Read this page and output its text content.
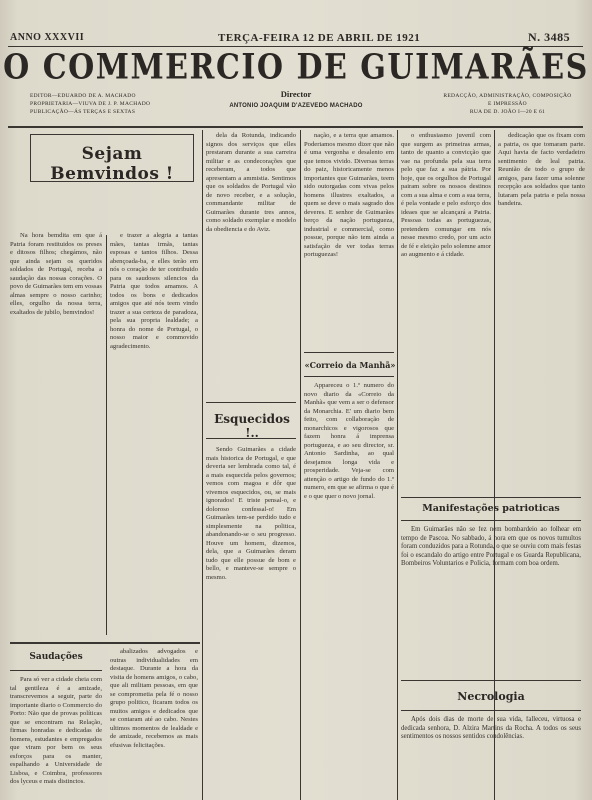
ANNO XXXVII	TERÇA-FEIRA 12 DE ABRIL DE 1921	N. 3485
O COMMERCIO DE GUIMARÃES
EDITOR—EDUARDO DE A. MACHADO
PROPRIETARIA—VIUVA DE J. P. MACHADO
PUBLICAÇÃO—ÁS TERÇAS E SEXTAS
Director
ANTONIO JOAQUIM D'AZEVEDO MACHADO
REDACÇÃO, ADMINISTRAÇÃO, COMPOSIÇÃO
E IMPRESSÃO
RUA DE D. JOÃO I—20 E 61
Sejam Bemvindos !

Na hora bemdita em que á Patria foram restituidos os preses e ditosos filhos; chegámos, não que ainda sejam os queridos soldados de Portugal, receba a saudação das nossas corações. O povo de Guimarães tem em vossas almas sempre o nosso carinho; elles, orgulho da nossa terra, exaltados de jubilo, bemvindos!

e trazer a alegria a tantas mães, tantas irmãs, tantas esposas e tantos filhos. Dessa abençoada-ba, e elles terão em nós o coração de ter contribuido para os saudosos silencios da Patria que todos amamos. A todos os bons e dedicados amigos que até nós teem vindo trazer a sua certeza de paradoza, pela sua propria lealdade; a honra do nome de Portugal, o nosso maior e commovido agradecimento.

dela da Rotunda, indicando signos dos serviços que elles prestaram durante a sua carreira militar e as condecorações que receberam, a todos que apresentam a ammistia. Sentimos que os soldados de Portugal vão de novo receber, e a solução, commandante militar de Guimarães durante tres annos, como soldado exemplar e modelo da obediencia e do Aviz.

Esquecidos !..

Sendo Guimarães a cidade mais historica de Portugal, e que deveria ser lembrada como tal, é a mais esquecida pelos governos; vemos com magoa e dôr que vivemos esquecidos, ou, se mais ignorados! E triste pensal-o, e doloroso confessal-o! Em Guimarães tem-se perdido tudo e simplesmente na politica, abandonando-se o seu progresso. Houve um homem, dizemos, dela, que a Guimarães deram tudo que elle possue de bom e bello, e manteve-se sempre o mesmo.

nação, e a terra que amamos. Poderiamos mesmo dizer que não é uma vergonha e desalento em que temos vivido. Diversas terras do paiz, historicamente menos importantes que Guimarães, teem sido outorgadas com vivas pelos homens illustres exaltados, a quem se deve o mais sagrado dos deveres. E senhor de Guimarães berço da nação portugueza, industrial e commercial, como possue, porque não tem ainda a satisfação de ver todas terras portuguezas!

«Correio da Manhã»

Appareceu o 1.º numero do novo diario da «Correio da Manhã» que vem a ser o defensor da Monarchia. E' um diario bem feito, com collaboração de monarchicos e vigorosos que fazem honra á imprensa portugueza, e ao seu director, sr. Antonio Sardinha, ao qual desejamos longa vida e prosperidade. Veja-se com attenção o artigo de fundo do 1.º numero, em que se afirma o que é e o que quer o novo jornal.

o enthusiasmo juvenil com que surgem as primeiras armas, tanto de quanto a convicção que vae na profunda pela sua terra pelo que faz a sua pátria. Por hoje, que os orgulhos de Portugal pairam sobre os nossos destinos com a sua alma e com a sua terra, é pela vontade e pelo esforço dos ideaes que se alcançará a Patria. Pessoas todas as portuguezas, pretendem comungar em nós nesse mesmo credo, por um acto de fé e eleição pelo solemne amor ao augmento e á cidade.

dedicação que os fixam com a patria, os que tomaram parte. Aqui havia de facto verdadeiro sentimento de leal patria. Reunião de todo o grupo de amigos, para fazer uma solenne recepção aos soldados que tanto lutaram pela patria e pela nossa bandeira.

Manifestações patrioticas

Em Guimarães não se fez nem bombardeio ao folhear em tempo de Pascoa. No sabbado, á hora em que os novos tumultos foram conduzidos para a Rotunda, o que se ouviu com mais festas foi o escandalo do artigo entre Portugal e os Guarda Republicana, Bombeiros Voluntarios e Policia, formam com boa ordem.

Necrologia

Após dois dias de morte de sua vida, falleceu, virtuosa e dedicada senhora, D. Alzira Martins da Rocha. A todos os seus sentimentos os nossos sentidos condolências.

Saudações

Para só ver a cidade cheia com tal gentileza é a amizade, transcrevemos a seguir, parte do importante diario o Commercio do Porto: Não que de provas políticas que se encontram na Relação, firmas honradas e dedicadas de homens, estudantes e empregados que viram por bem os seus esforços para os manter, espalhando a Universidade de Lisboa, e Coimbra, professores dos lyceus e mais distinctos.

abalizados advogados e outras individualidades em destaque. Durante a hora da visita de homens amigos, o cabo, que ali militam pessoas, em que se comprometia pela fé o nosso grupo politico, ficaram todos os muitos amigos e dedicados que se contaram até ao cabo. Nestes ultimos momentos de lealdade e de amizade, recebemos as mais efusivas felicitações.
